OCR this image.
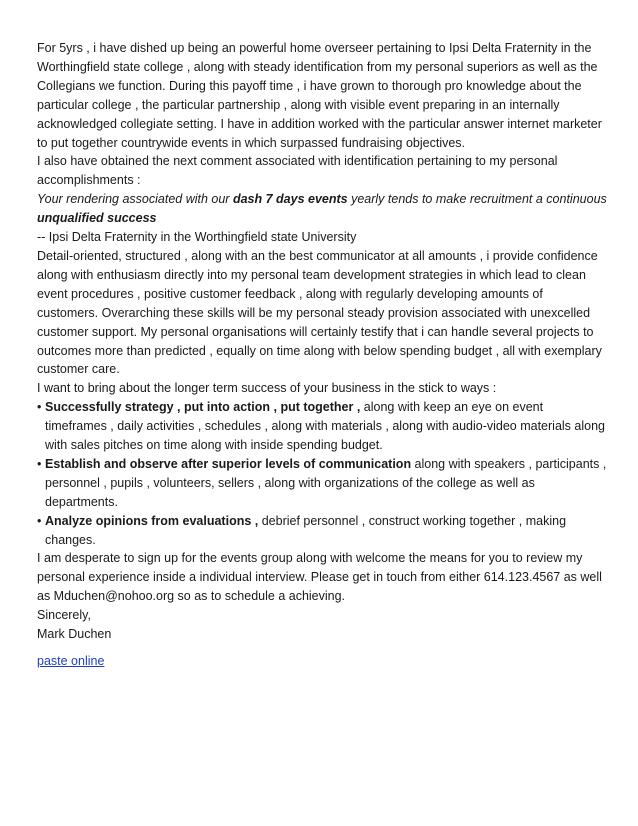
For 5yrs , i have dished up being an powerful home overseer pertaining to Ipsi Delta Fraternity in the Worthingfield state college , along with steady identification from my personal superiors as well as the Collegians we function. During this payoff time , i have grown to thorough pro knowledge about the particular college , the particular partnership , along with visible event preparing in an internally acknowledged collegiate setting. I have in addition worked with the particular answer internet marketer to put together countrywide events in which surpassed fundraising objectives.

I also have obtained the next comment associated with identification pertaining to my personal accomplishments :

Your rendering associated with our dash 7 days events yearly tends to make recruitment a continuous unqualified success

-- Ipsi Delta Fraternity in the Worthingfield state University

Detail-oriented, structured , along with an the best communicator at all amounts , i provide confidence along with enthusiasm directly into my personal team development strategies in which lead to clean event procedures , positive customer feedback , along with regularly developing amounts of customers. Overarching these skills will be my personal steady provision associated with unexcelled customer support. My personal organisations will certainly testify that i can handle several projects to outcomes more than predicted , equally on time along with below spending budget , all with exemplary customer care.

I want to bring about the longer term success of your business in the stick to ways :

• Successfully strategy , put into action , put together , along with keep an eye on event timeframes , daily activities , schedules , along with materials , along with audio-video materials along with sales pitches on time along with inside spending budget.
• Establish and observe after superior levels of communication along with speakers , participants , personnel , pupils , volunteers, sellers , along with organizations of the college as well as departments.
• Analyze opinions from evaluations , debrief personnel , construct working together , making changes.

I am desperate to sign up for the events group along with welcome the means for you to review my personal experience inside a individual interview. Please get in touch from either 614.123.4567 as well as Mduchen@nohoo.org so as to schedule a achieving.

Sincerely,

Mark Duchen

paste online
